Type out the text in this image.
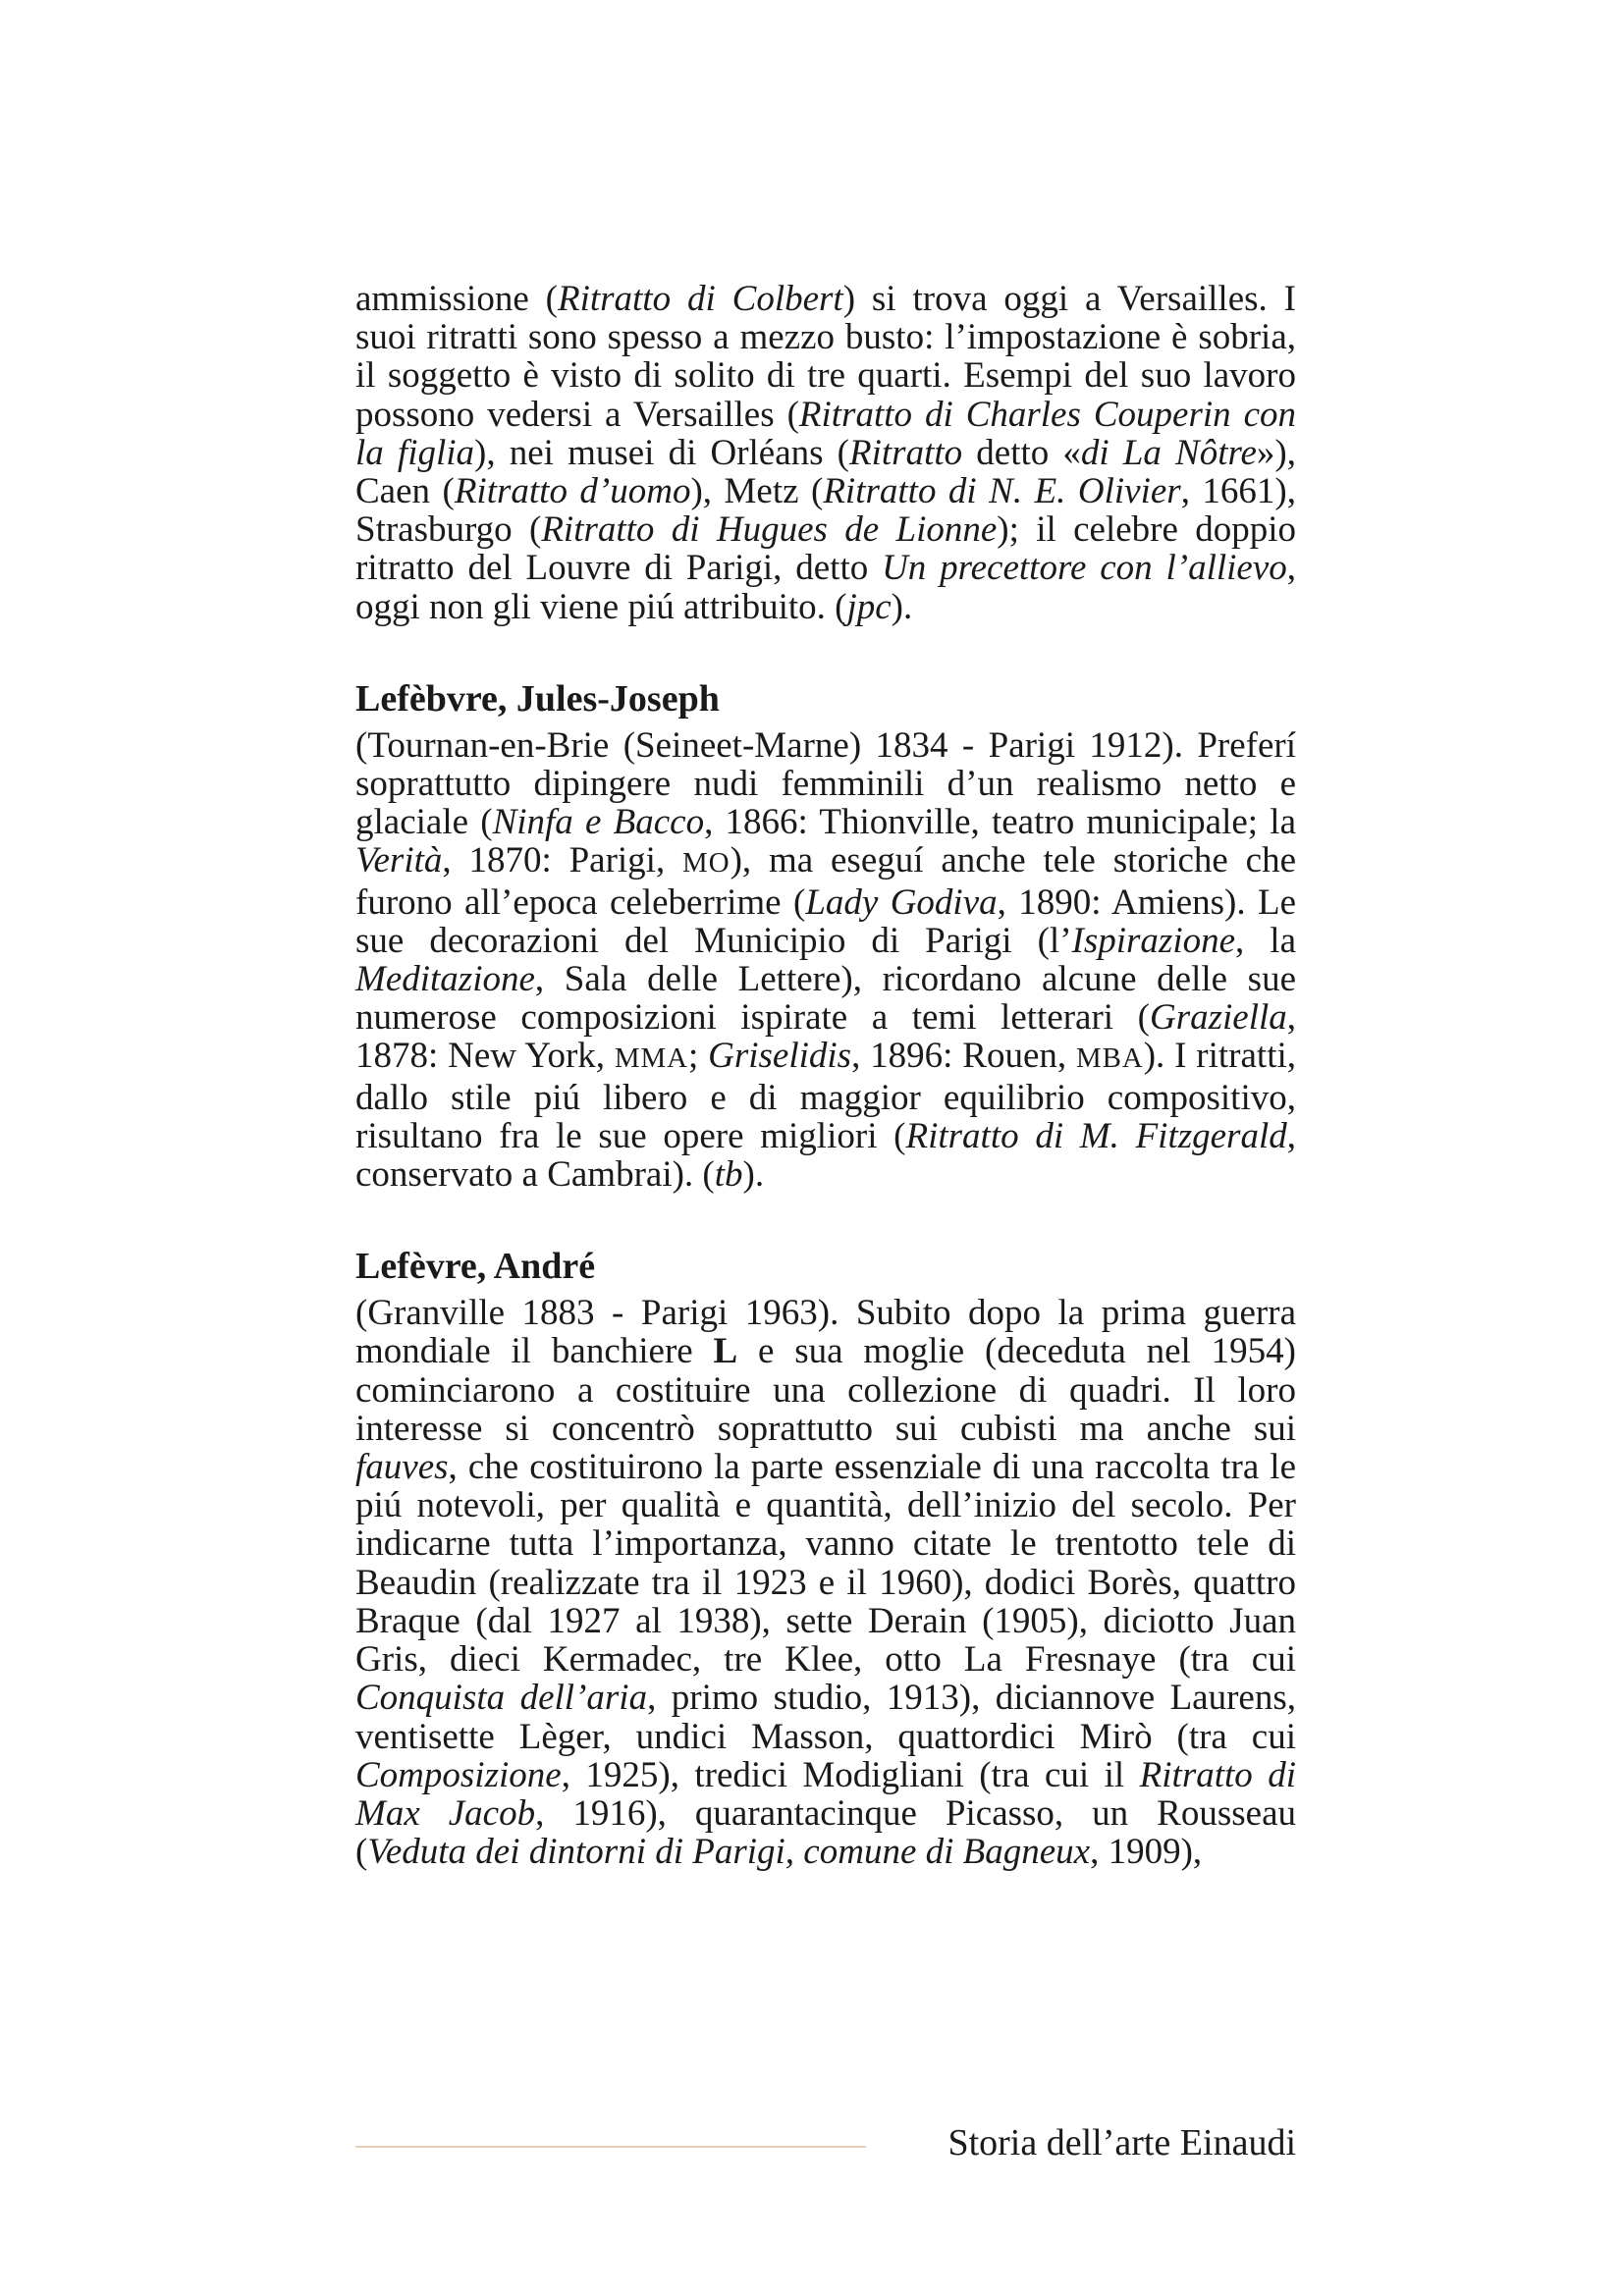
ammissione (Ritratto di Colbert) si trova oggi a Versailles. I suoi ritratti sono spesso a mezzo busto: l’impostazione è sobria, il soggetto è visto di solito di tre quarti. Esempi del suo lavoro possono vedersi a Versailles (Ritratto di Charles Couperin con la figlia), nei musei di Orléans (Ritratto detto «di La Nôtre»), Caen (Ritratto d’uomo), Metz (Ritratto di N. E. Olivier, 1661), Strasburgo (Ritratto di Hugues de Lionne); il celebre doppio ritratto del Louvre di Parigi, detto Un precettore con l’allievo, oggi non gli viene piú attribuito. (jpc).

Lefèbvre, Jules-Joseph

(Tournan-en-Brie (Seineet-Marne) 1834 - Parigi 1912). Preferí soprattutto dipingere nudi femminili d’un realismo netto e glaciale (Ninfa e Bacco, 1866: Thionville, teatro municipale; la Verità, 1870: Parigi, MO), ma eseguí anche tele storiche che furono all’epoca celeberrime (Lady Godiva, 1890: Amiens). Le sue decorazioni del Municipio di Parigi (l’Ispirazione, la Meditazione, Sala delle Lettere), ricordano alcune delle sue numerose composizioni ispirate a temi letterari (Graziella, 1878: New York, MMA; Griselidis, 1896: Rouen, MBA). I ritratti, dallo stile piú libero e di maggior equilibrio compositivo, risultano fra le sue opere migliori (Ritratto di M. Fitzgerald, conservato a Cambrai). (tb).

Lefèvre, André

(Granville 1883 - Parigi 1963). Subito dopo la prima guerra mondiale il banchiere L e sua moglie (deceduta nel 1954) cominciarono a costituire una collezione di quadri. Il loro interesse si concentrò soprattutto sui cubisti ma anche sui fauves, che costituirono la parte essenziale di una raccolta tra le piú notevoli, per qualità e quantità, dell’inizio del secolo. Per indicarne tutta l’importanza, vanno citate le trentotto tele di Beaudin (realizzate tra il 1923 e il 1960), dodici Borès, quattro Braque (dal 1927 al 1938), sette Derain (1905), diciotto Juan Gris, dieci Kermadec, tre Klee, otto La Fresnaye (tra cui Conquista dell’aria, primo studio, 1913), diciannove Laurens, ventisette Lèger, undici Masson, quattordici Mirò (tra cui Composizione, 1925), tredici Modigliani (tra cui il Ritratto di Max Jacob, 1916), quarantacinque Picasso, un Rousseau (Veduta dei dintorni di Parigi, comune di Bagneux, 1909),

Storia dell’arte Einaudi
